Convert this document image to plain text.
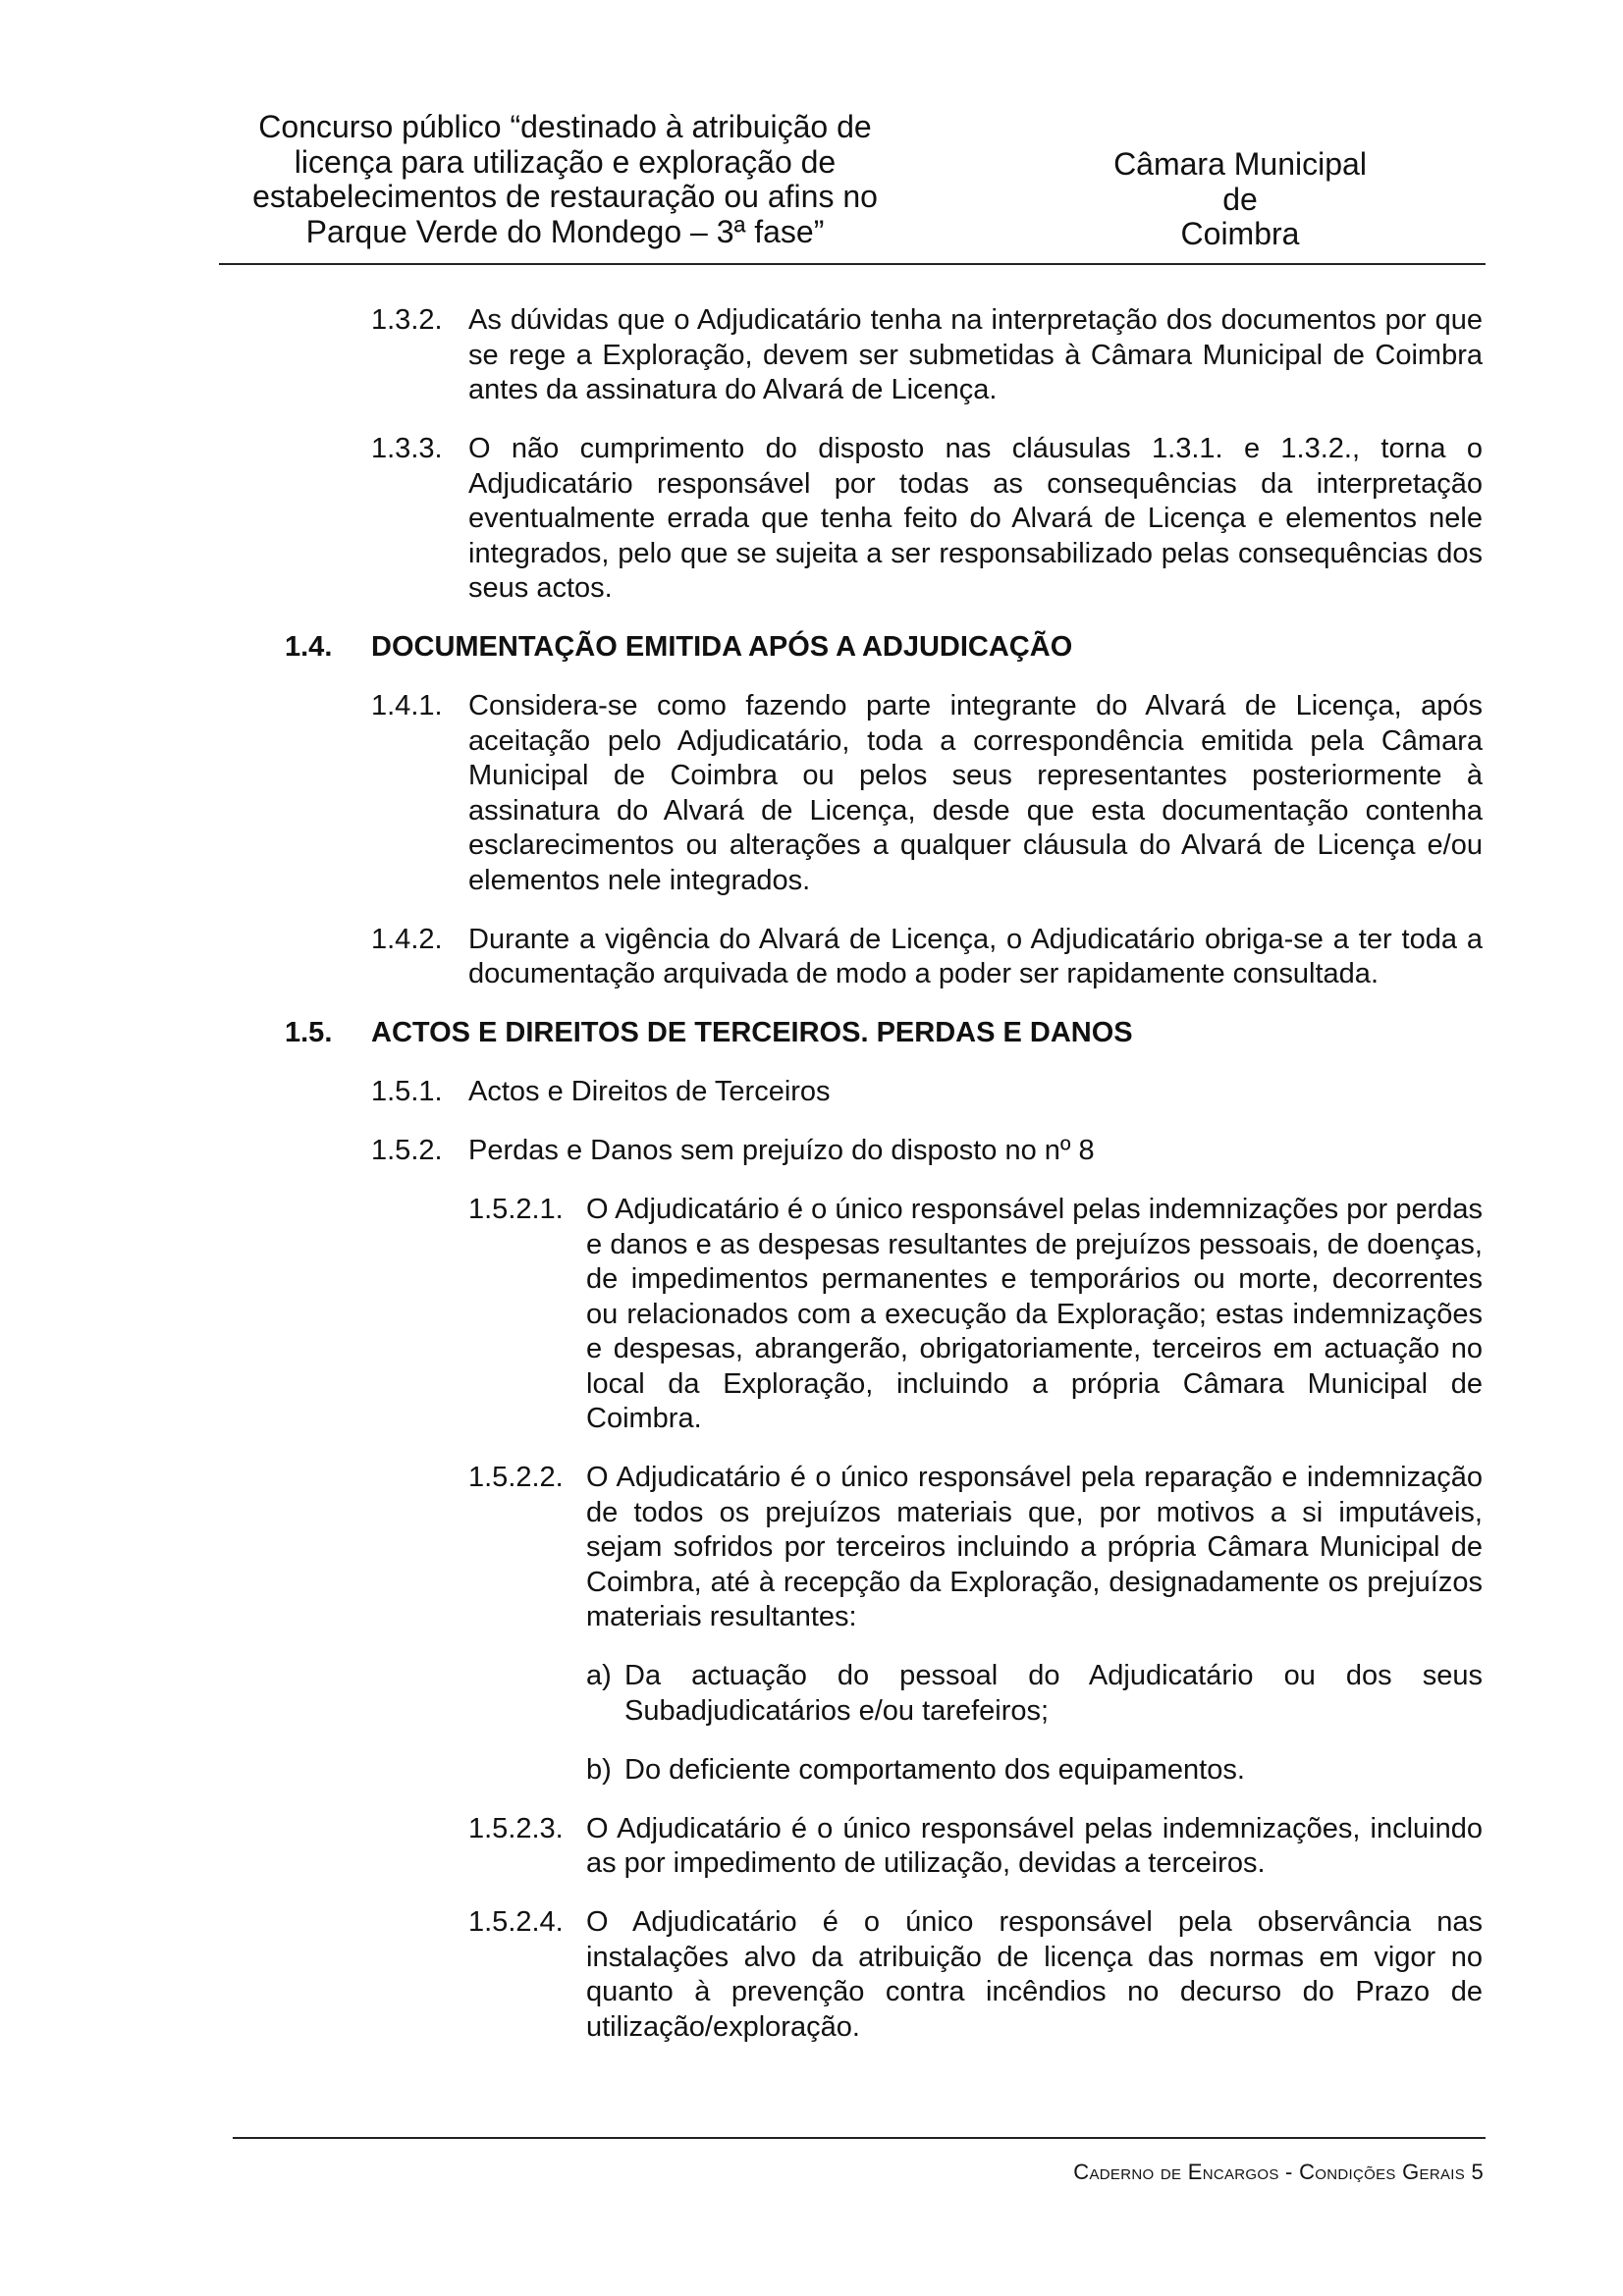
Concurso público “destinado à atribuição de
licença para utilização e exploração de
estabelecimentos de restauração ou afins no
Parque Verde do Mondego – 3ª fase”
Câmara Municipal de
Coimbra
1.3.2. As dúvidas que o Adjudicatário tenha na interpretação dos documentos por que se rege a Exploração, devem ser submetidas à Câmara Municipal de Coimbra antes da assinatura do Alvará de Licença.
1.3.3. O não cumprimento do disposto nas cláusulas 1.3.1. e 1.3.2., torna o Adjudicatário responsável por todas as consequências da interpretação eventualmente errada que tenha feito do Alvará de Licença e elementos nele integrados, pelo que se sujeita a ser responsabilizado pelas consequências dos seus actos.
1.4. DOCUMENTAÇÃO EMITIDA APÓS A ADJUDICAÇÃO
1.4.1. Considera-se como fazendo parte integrante do Alvará de Licença, após aceitação pelo Adjudicatário, toda a correspondência emitida pela Câmara Municipal de Coimbra ou pelos seus representantes posteriormente à assinatura do Alvará de Licença, desde que esta documentação contenha esclarecimentos ou alterações a qualquer cláusula do Alvará de Licença e/ou elementos nele integrados.
1.4.2. Durante a vigência do Alvará de Licença, o Adjudicatário obriga-se a ter toda a documentação arquivada de modo a poder ser rapidamente consultada.
1.5. ACTOS E DIREITOS DE TERCEIROS. PERDAS E DANOS
1.5.1. Actos e Direitos de Terceiros
1.5.2. Perdas e Danos sem prejuízo do disposto no nº 8
1.5.2.1. O Adjudicatário é o único responsável pelas indemnizações por perdas e danos e as despesas resultantes de prejuízos pessoais, de doenças, de impedimentos permanentes e temporários ou morte, decorrentes ou relacionados com a execução da Exploração; estas indemnizações e despesas, abrangerão, obrigatoriamente, terceiros em actuação no local da Exploração, incluindo a própria Câmara Municipal de Coimbra.
1.5.2.2. O Adjudicatário é o único responsável pela reparação e indemnização de todos os prejuízos materiais que, por motivos a si imputáveis, sejam sofridos por terceiros incluindo a própria Câmara Municipal de Coimbra, até à recepção da Exploração, designadamente os prejuízos materiais resultantes:
a) Da actuação do pessoal do Adjudicatário ou dos seus Subadjudicatários e/ou tarefeiros;
b) Do deficiente comportamento dos equipamentos.
1.5.2.3. O Adjudicatário é o único responsável pelas indemnizações, incluindo as por impedimento de utilização, devidas a terceiros.
1.5.2.4. O Adjudicatário é o único responsável pela observância nas instalações alvo da atribuição de licença das normas em vigor no quanto à prevenção contra incêndios no decurso do Prazo de utilização/exploração.
Caderno de Encargos - Condições Gerais 5
